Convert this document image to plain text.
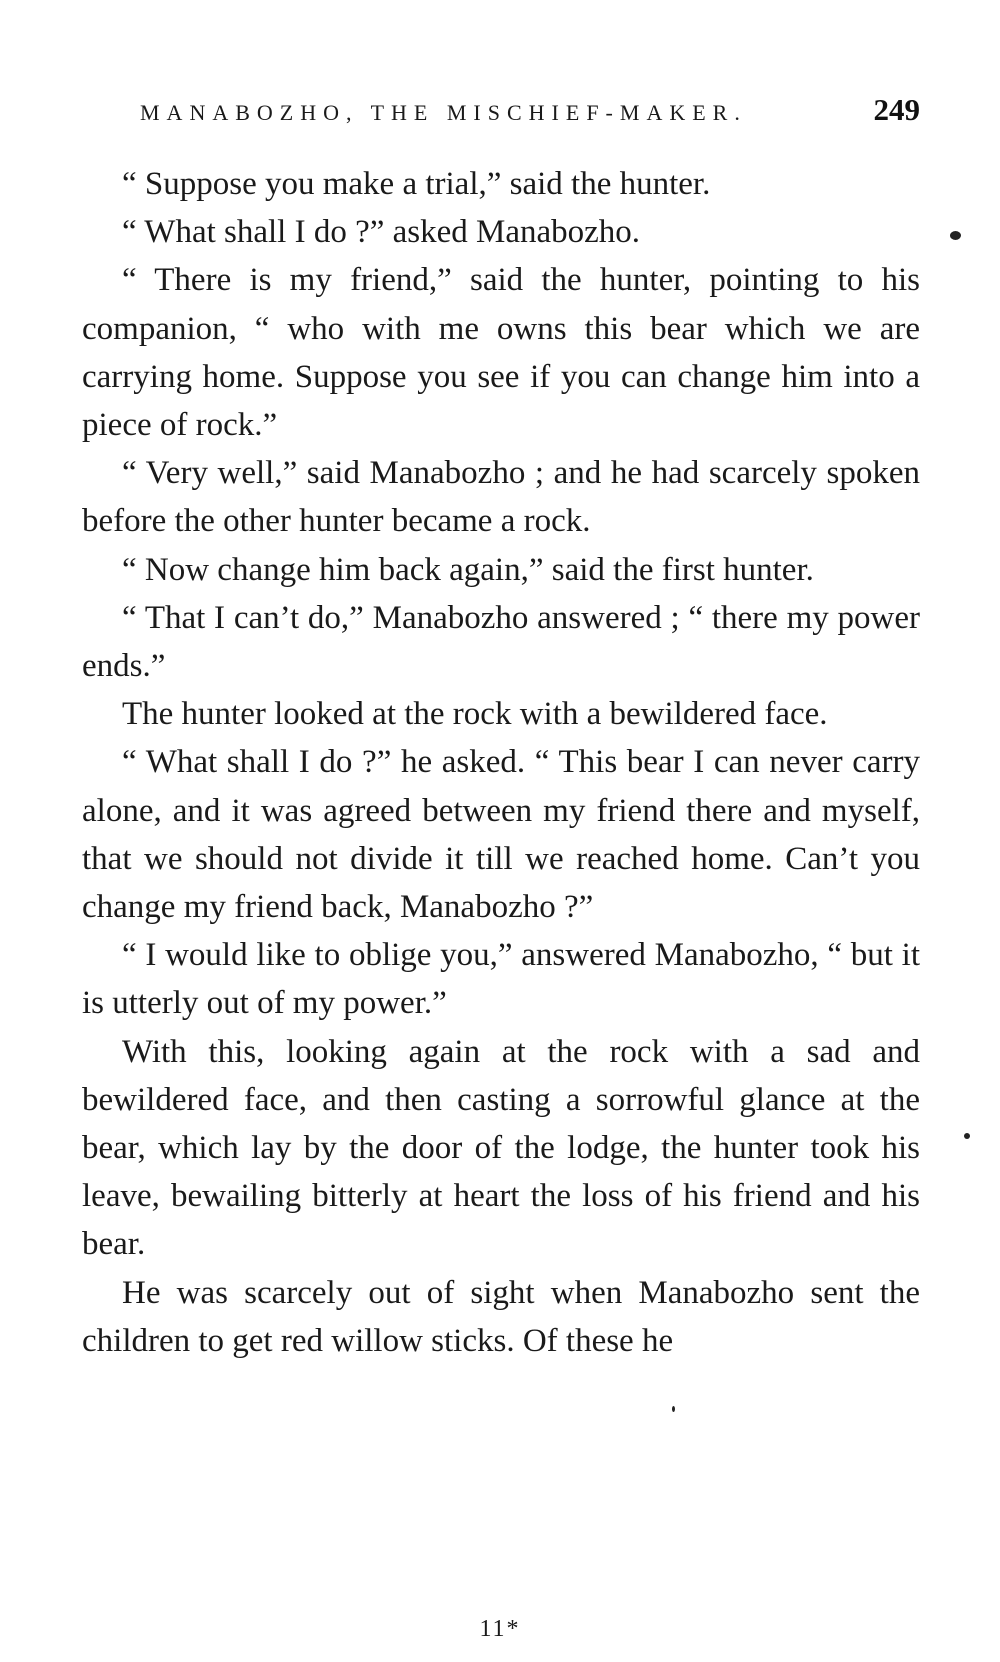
MANABOZHO, THE MISCHIEF-MAKER.	249

“ Suppose you make a trial,” said the hunter.

“ What shall I do ?” asked Manabozho.

“ There is my friend,” said the hunter, pointing to his companion, “ who with me owns this bear which we are carrying home. Suppose you see if you can change him into a piece of rock.”

“ Very well,” said Manabozho ; and he had scarcely spoken before the other hunter became a rock.

“ Now change him back again,” said the first hunter.

“ That I can’t do,” Manabozho answered ; “ there my power ends.”

The hunter looked at the rock with a bewildered face.

“ What shall I do ?” he asked. “ This bear I can never carry alone, and it was agreed between my friend there and myself, that we should not divide it till we reached home. Can’t you change my friend back, Manabozho ?”

“ I would like to oblige you,” answered Manabozho, “ but it is utterly out of my power.”

With this, looking again at the rock with a sad and bewildered face, and then casting a sorrowful glance at the bear, which lay by the door of the lodge, the hunter took his leave, bewailing bitterly at heart the loss of his friend and his bear.

He was scarcely out of sight when Manabozho sent the children to get red willow sticks. Of these he

11*
